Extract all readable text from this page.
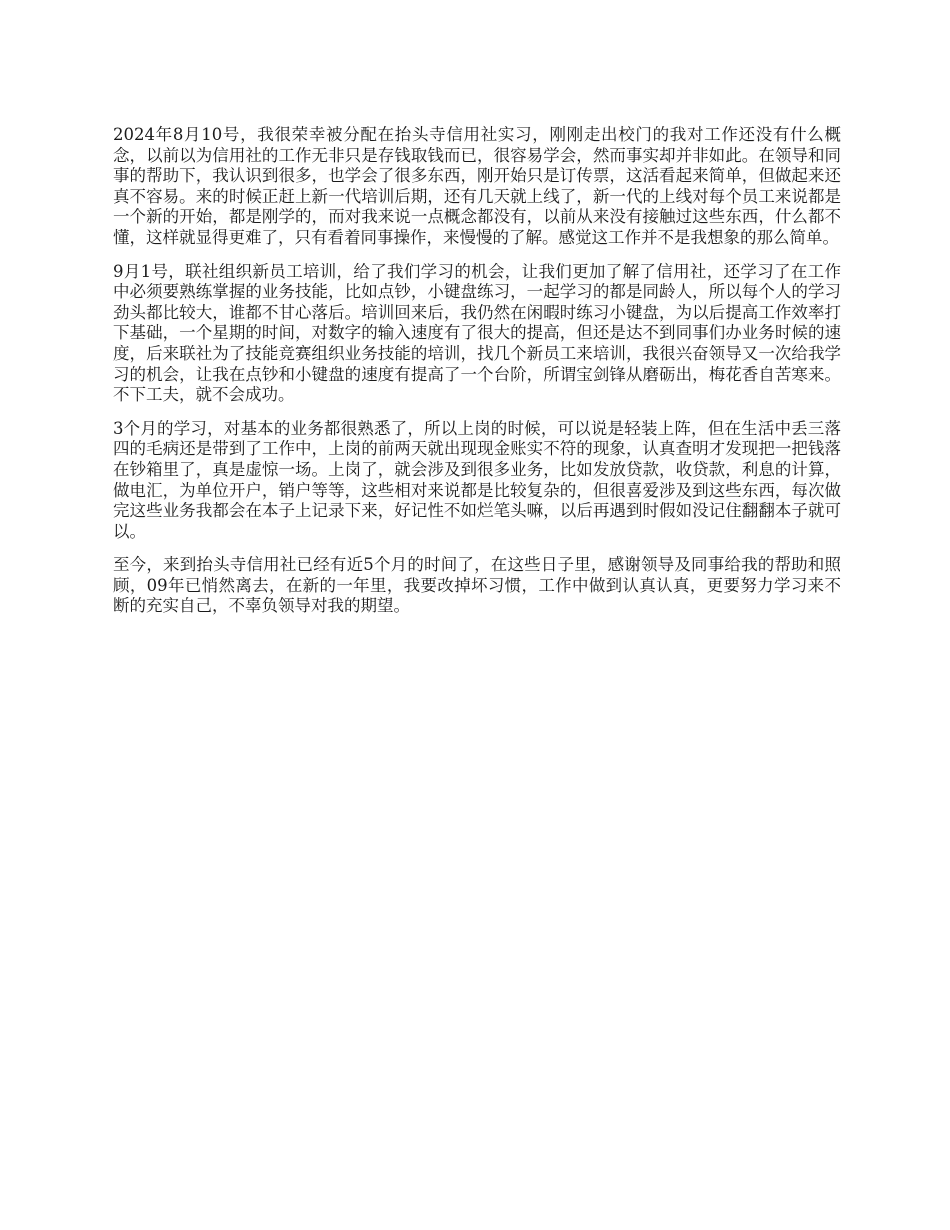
2024年8月10号，我很荣幸被分配在抬头寺信用社实习，刚刚走出校门的我对工作还没有什么概念，以前以为信用社的工作无非只是存钱取钱而已，很容易学会，然而事实却并非如此。在领导和同事的帮助下，我认识到很多，也学会了很多东西，刚开始只是订传票，这活看起来简单，但做起来还真不容易。来的时候正赶上新一代培训后期，还有几天就上线了，新一代的上线对每个员工来说都是一个新的开始，都是刚学的，而对我来说一点概念都没有，以前从来没有接触过这些东西，什么都不懂，这样就显得更难了，只有看着同事操作，来慢慢的了解。感觉这工作并不是我想象的那么简单。

9月1号，联社组织新员工培训，给了我们学习的机会，让我们更加了解了信用社，还学习了在工作中必须要熟练掌握的业务技能，比如点钞，小键盘练习，一起学习的都是同龄人，所以每个人的学习劲头都比较大，谁都不甘心落后。培训回来后，我仍然在闲暇时练习小键盘，为以后提高工作效率打下基础，一个星期的时间，对数字的输入速度有了很大的提高，但还是达不到同事们办业务时候的速度，后来联社为了技能竞赛组织业务技能的培训，找几个新员工来培训，我很兴奋领导又一次给我学习的机会，让我在点钞和小键盘的速度有提高了一个台阶，所谓宝剑锋从磨砺出，梅花香自苦寒来。不下工夫，就不会成功。

3个月的学习，对基本的业务都很熟悉了，所以上岗的时候，可以说是轻装上阵，但在生活中丢三落四的毛病还是带到了工作中，上岗的前两天就出现现金账实不符的现象，认真查明才发现把一把钱落在钞箱里了，真是虚惊一场。上岗了，就会涉及到很多业务，比如发放贷款，收贷款，利息的计算，做电汇，为单位开户，销户等等，这些相对来说都是比较复杂的，但很喜爱涉及到这些东西，每次做完这些业务我都会在本子上记录下来，好记性不如烂笔头嘛，以后再遇到时假如没记住翻翻本子就可以。

至今，来到抬头寺信用社已经有近5个月的时间了，在这些日子里，感谢领导及同事给我的帮助和照顾，09年已悄然离去，在新的一年里，我要改掉坏习惯，工作中做到认真认真，更要努力学习来不断的充实自己，不辜负领导对我的期望。
